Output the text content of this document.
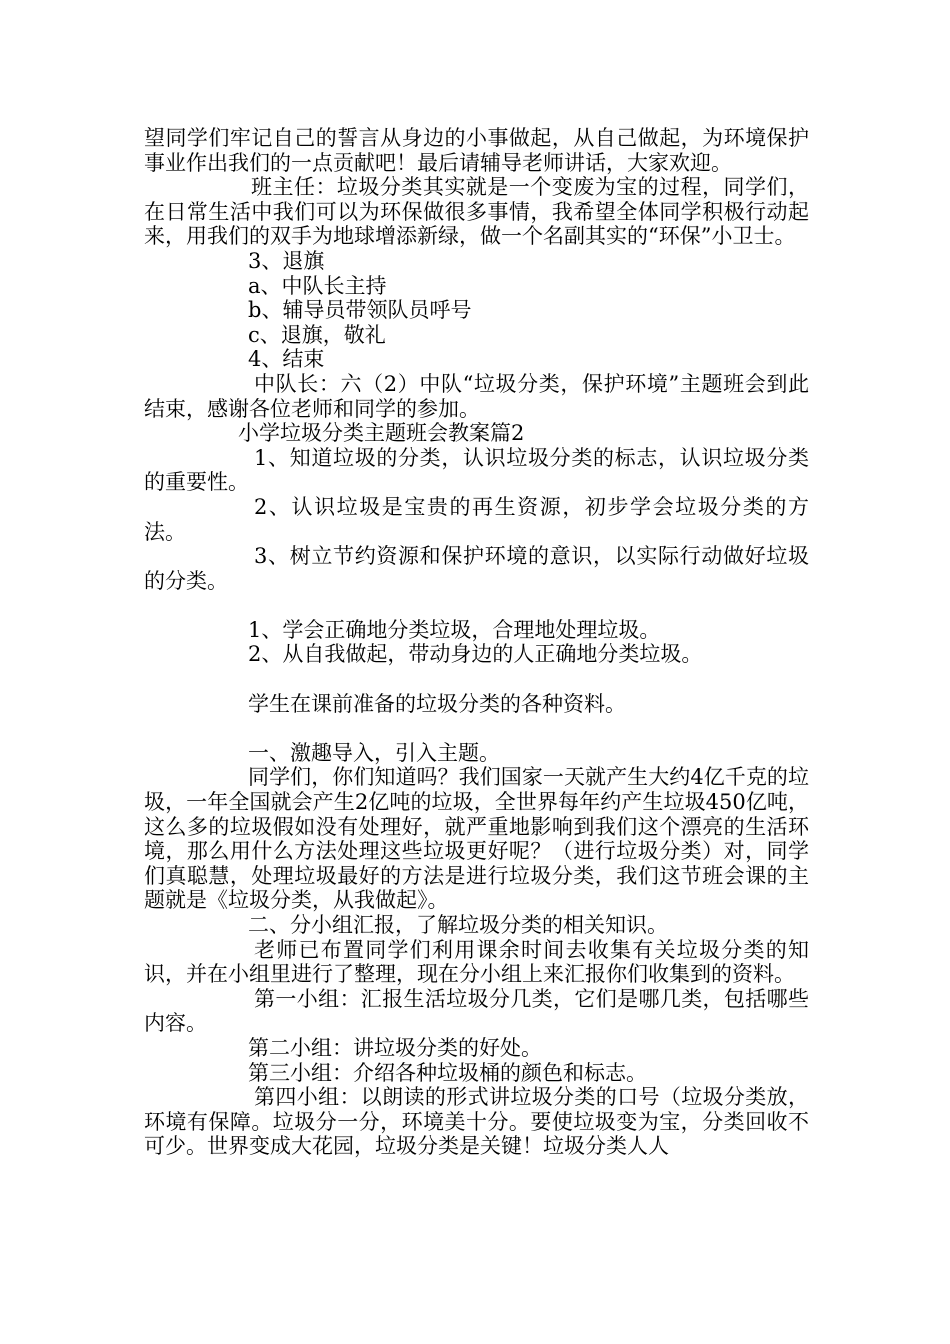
望同学们牢记自己的誓言从身边的小事做起，从自己做起，为环境保护事业作出我们的一点贡献吧！最后请辅导老师讲话，大家欢迎。

班主任：垃圾分类其实就是一个变废为宝的过程，同学们，在日常生活中我们可以为环保做很多事情，我希望全体同学积极行动起来，用我们的双手为地球增添新绿，做一个名副其实的“环保”小卫士。

3、退旗

a、中队长主持

b、辅导员带领队员呼号

c、退旗，敬礼

4、结束

中队长：六（2）中队“垃圾分类，保护环境”主题班会到此结束，感谢各位老师和同学的参加。

小学垃圾分类主题班会教案篇2

1、知道垃圾的分类，认识垃圾分类的标志，认识垃圾分类的重要性。

2、认识垃圾是宝贵的再生资源，初步学会垃圾分类的方法。

3、树立节约资源和保护环境的意识，以实际行动做好垃圾的分类。

1、学会正确地分类垃圾，合理地处理垃圾。

2、从自我做起，带动身边的人正确地分类垃圾。

学生在课前准备的垃圾分类的各种资料。

一、激趣导入，引入主题。

同学们，你们知道吗？我们国家一天就产生大约4亿千克的垃圾，一年全国就会产生2亿吨的垃圾，全世界每年约产生垃圾450亿吨，这么多的垃圾假如没有处理好，就严重地影响到我们这个漂亮的生活环境，那么用什么方法处理这些垃圾更好呢？（进行垃圾分类）对，同学们真聪慧，处理垃圾最好的方法是进行垃圾分类，我们这节班会课的主题就是《垃圾分类，从我做起》。

二、分小组汇报，了解垃圾分类的相关知识。

老师已布置同学们利用课余时间去收集有关垃圾分类的知识，并在小组里进行了整理，现在分小组上来汇报你们收集到的资料。

第一小组：汇报生活垃圾分几类，它们是哪几类，包括哪些内容。

第二小组：讲垃圾分类的好处。

第三小组：介绍各种垃圾桶的颜色和标志。

第四小组：以朗读的形式讲垃圾分类的口号（垃圾分类放，环境有保障。垃圾分一分，环境美十分。要使垃圾变为宝，分类回收不可少。世界变成大花园，垃圾分类是关键！垃圾分类人人
